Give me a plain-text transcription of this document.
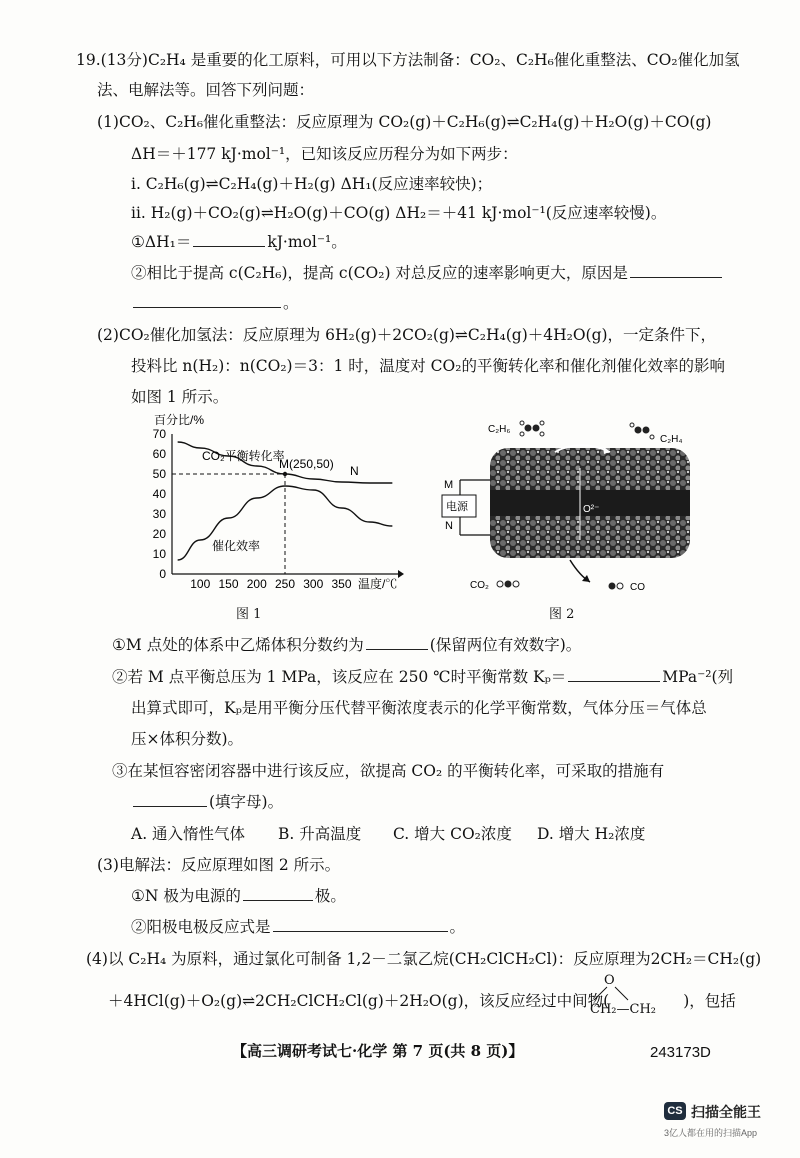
19.(13分)C₂H₄ 是重要的化工原料，可用以下方法制备：CO₂、C₂H₆催化重整法、CO₂催化加氢
法、电解法等。回答下列问题：
(1)CO₂、C₂H₆催化重整法：反应原理为 CO₂(g)＋C₂H₆(g)⇌C₂H₄(g)＋H₂O(g)＋CO(g)
ΔH＝＋177 kJ·mol⁻¹，已知该反应历程分为如下两步：
ⅰ. C₂H₆(g)⇌C₂H₄(g)＋H₂(g) ΔH₁(反应速率较快)；
ⅱ. H₂(g)＋CO₂(g)⇌H₂O(g)＋CO(g) ΔH₂＝＋41 kJ·mol⁻¹(反应速率较慢)。
①ΔH₁＝	kJ·mol⁻¹。
②相比于提高 c(C₂H₆)，提高 c(CO₂) 对总反应的速率影响更大，原因是
。
(2)CO₂催化加氢法：反应原理为 6H₂(g)＋2CO₂(g)⇌C₂H₄(g)＋4H₂O(g)，一定条件下，
投料比 n(H₂)：n(CO₂)＝3：1 时，温度对 CO₂的平衡转化率和催化剂催化效率的影响
如图 1 所示。
百分比/%
0
10
20
30
40
50
60
70
100 150 200 250 300 350 温度/℃
M(250,50) N
CO₂平衡转化率
催化效率
图 1
C₂H₆
C₂H₄
O²⁻
电源
M
N
CO₂	CO
图 2
①M 点处的体系中乙烯体积分数约为	(保留两位有效数字)。
②若 M 点平衡总压为 1 MPa，该反应在 250 ℃时平衡常数 Kₚ＝	MPa⁻²(列
出算式即可，Kₚ是用平衡分压代替平衡浓度表示的化学平衡常数，气体分压＝气体总
压×体积分数)。
③在某恒容密闭容器中进行该反应，欲提高 CO₂ 的平衡转化率，可采取的措施有
(填字母)。
A. 通入惰性气体 B. 升高温度 C. 增大 CO₂浓度 D. 增大 H₂浓度
(3)电解法：反应原理如图 2 所示。
①N 极为电源的	极。
②阳极电极反应式是	。
(4)以 C₂H₄ 为原料，通过氯化可制备 1,2－二氯乙烷(CH₂ClCH₂Cl)：反应原理为2CH₂＝CH₂(g)
＋4HCl(g)＋O₂(g)⇌2CH₂ClCH₂Cl(g)＋2H₂O(g)，该反应经过中间物(	)，包括
O
CH₂—CH₂
【高三调研考试七·化学 第 7 页(共 8 页)】	243173D
CS 扫描全能王
3亿人都在用的扫描App
